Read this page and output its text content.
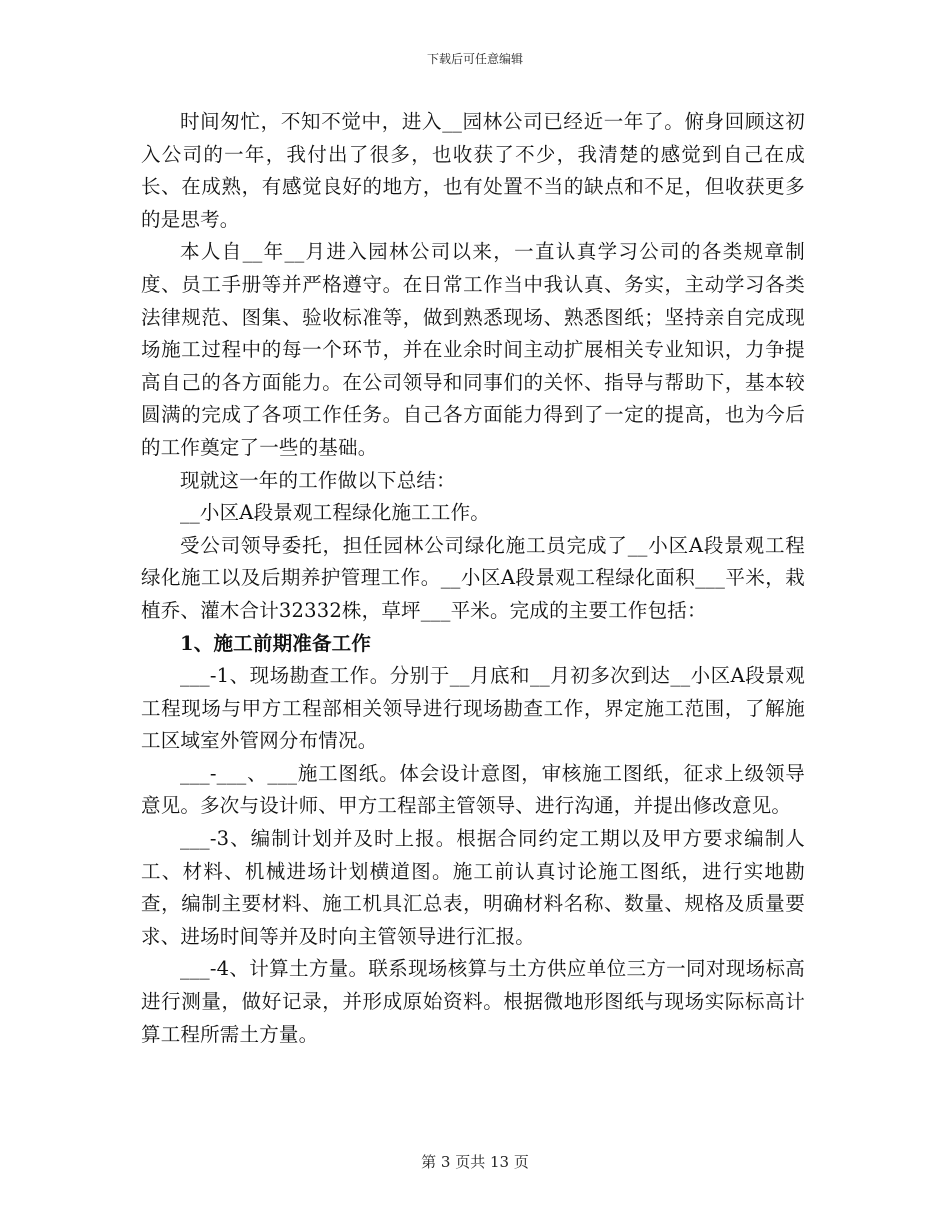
下载后可任意编辑

时间匆忙，不知不觉中，进入__园林公司已经近一年了。俯身回顾这初入公司的一年，我付出了很多，也收获了不少，我清楚的感觉到自己在成长、在成熟，有感觉良好的地方，也有处置不当的缺点和不足，但收获更多的是思考。

本人自__年__月进入园林公司以来，一直认真学习公司的各类规章制度、员工手册等并严格遵守。在日常工作当中我认真、务实，主动学习各类法律规范、图集、验收标准等，做到熟悉现场、熟悉图纸；坚持亲自完成现场施工过程中的每一个环节，并在业余时间主动扩展相关专业知识，力争提高自己的各方面能力。在公司领导和同事们的关怀、指导与帮助下，基本较圆满的完成了各项工作任务。自己各方面能力得到了一定的提高，也为今后的工作奠定了一些的基础。

现就这一年的工作做以下总结：

__小区A段景观工程绿化施工工作。

受公司领导委托，担任园林公司绿化施工员完成了__小区A段景观工程绿化施工以及后期养护管理工作。__小区A段景观工程绿化面积___平米，栽植乔、灌木合计32332株，草坪___平米。完成的主要工作包括：

1、施工前期准备工作

___-1、现场勘查工作。分别于__月底和__月初多次到达__小区A段景观工程现场与甲方工程部相关领导进行现场勘查工作，界定施工范围，了解施工区域室外管网分布情况。

___-___、___施工图纸。体会设计意图，审核施工图纸，征求上级领导意见。多次与设计师、甲方工程部主管领导、进行沟通，并提出修改意见。

___-3、编制计划并及时上报。根据合同约定工期以及甲方要求编制人工、材料、机械进场计划横道图。施工前认真讨论施工图纸，进行实地勘查，编制主要材料、施工机具汇总表，明确材料名称、数量、规格及质量要求、进场时间等并及时向主管领导进行汇报。

___-4、计算土方量。联系现场核算与土方供应单位三方一同对现场标高进行测量，做好记录，并形成原始资料。根据微地形图纸与现场实际标高计算工程所需土方量。

第 3 页共 13 页
